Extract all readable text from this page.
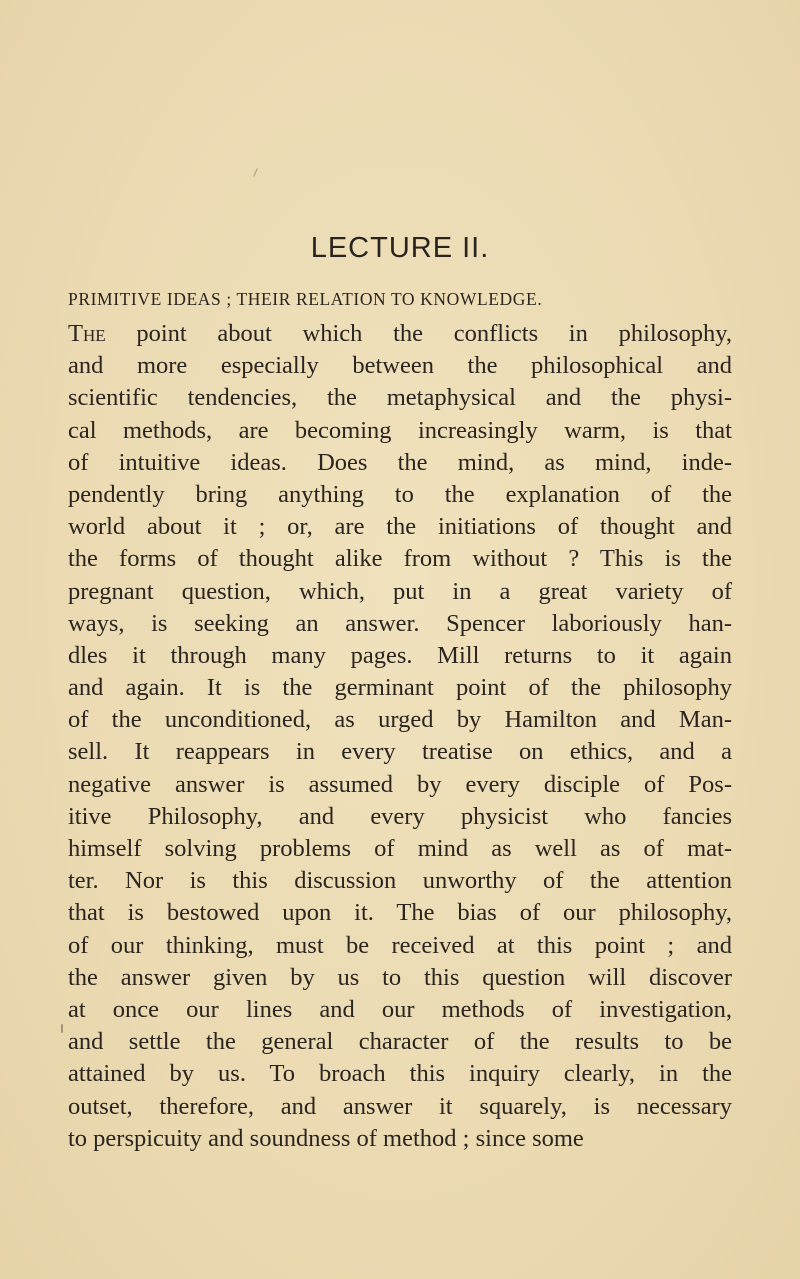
LECTURE II.
PRIMITIVE IDEAS ; THEIR RELATION TO KNOWLEDGE.
The point about which the conflicts in philosophy,
and more especially between the philosophical and
scientific tendencies, the metaphysical and the physi-
cal methods, are becoming increasingly warm, is that
of intuitive ideas. Does the mind, as mind, inde-
pendently bring anything to the explanation of the
world about it ; or, are the initiations of thought and
the forms of thought alike from without ? This is the
pregnant question, which, put in a great variety of
ways, is seeking an answer. Spencer laboriously han-
dles it through many pages. Mill returns to it again
and again. It is the germinant point of the philosophy
of the unconditioned, as urged by Hamilton and Man-
sell. It reappears in every treatise on ethics, and a
negative answer is assumed by every disciple of Pos-
itive Philosophy, and every physicist who fancies
himself solving problems of mind as well as of mat-
ter. Nor is this discussion unworthy of the attention
that is bestowed upon it. The bias of our philosophy,
of our thinking, must be received at this point ; and
the answer given by us to this question will discover
at once our lines and our methods of investigation,
and settle the general character of the results to be
attained by us. To broach this inquiry clearly, in the
outset, therefore, and answer it squarely, is necessary
to perspicuity and soundness of method ; since some
